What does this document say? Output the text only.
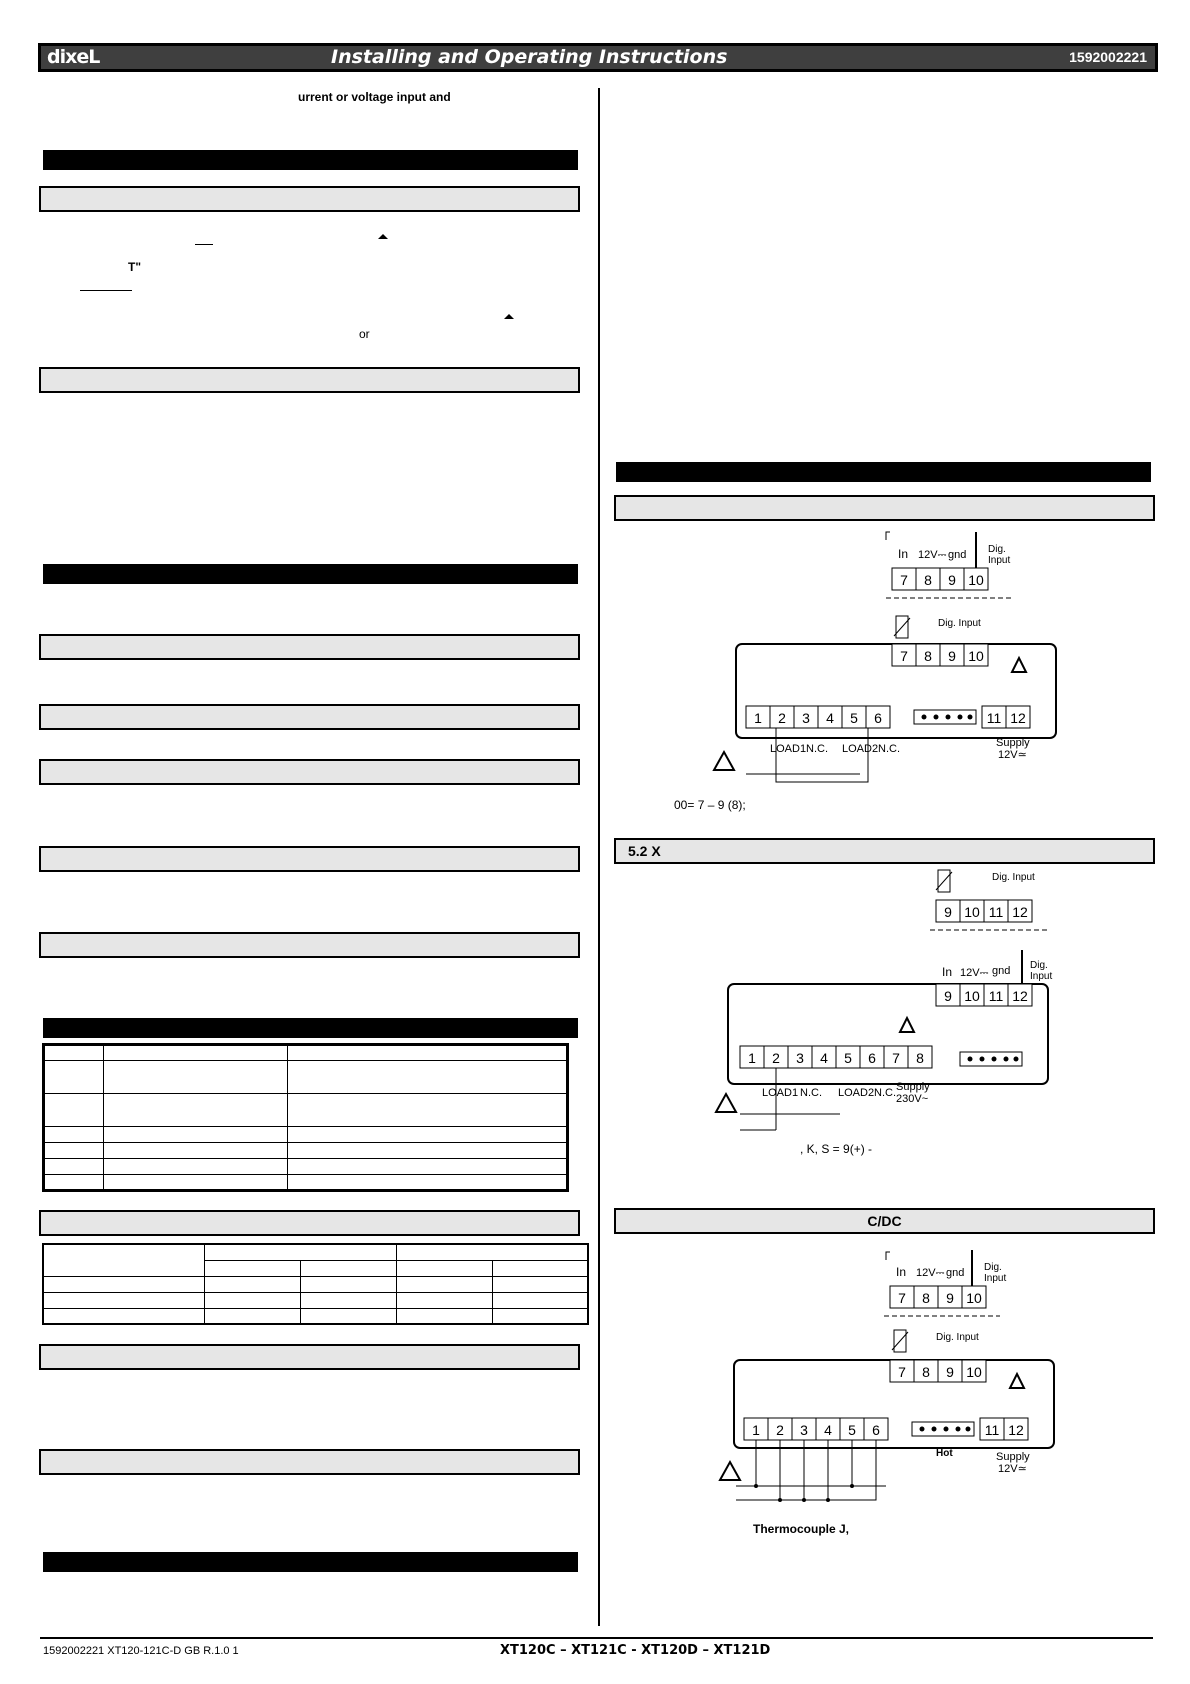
dixeL	Installing and Operating Instructions	1592002221
urrent or voltage input and
T"
or

In 12V⎓ gnd Dig.
Input
7 8 9 10
Dig. Input
7 8 9 10
1 2 3 4 5 6	11 12
LOAD1 N.C. LOAD2 N.C.	Supply
12V≃
00= 7 – 9 (8);
5.2 X
Dig. Input
9 10 11 12
In 12V⎓ gnd Dig.
Input
9 10 11 12
1 2 3 4 5 6 7 8
LOAD1 N.C. LOAD2 N.C. Supply
230V~
, K, S = 9(+) -
C/DC
In 12V⎓ gnd Dig.
Input
7 8 9 10
Dig. Input
7 8 9 10
1 2 3 4 5 6	11 12
Hot	Supply
12V≃
Thermocouple J,
1592002221 XT120-121C-D GB R.1.0 1	XT120C – XT121C - XT120D – XT121D
